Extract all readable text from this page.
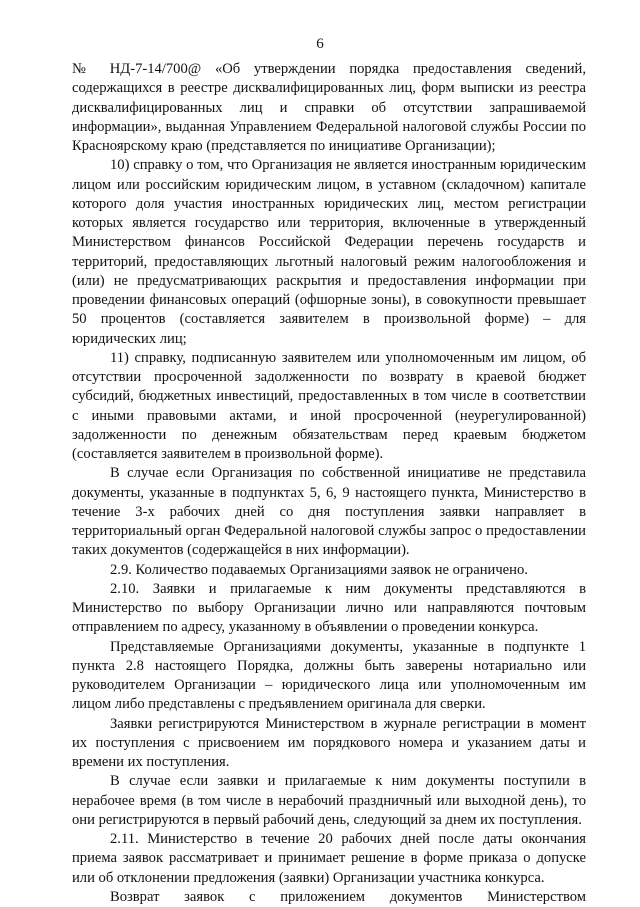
6

№ НД-7-14/700@ «Об утверждении порядка предоставления сведений, содержащихся в реестре дисквалифицированных лиц, форм выписки из реестра дисквалифицированных лиц и справки об отсутствии запрашиваемой информации», выданная Управлением Федеральной налоговой службы России по Красноярскому краю (представляется по инициативе Организации);

10) справку о том, что Организация не является иностранным юридическим лицом или российским юридическим лицом, в уставном (складочном) капитале которого доля участия иностранных юридических лиц, местом регистрации которых является государство или территория, включенные в утвержденный Министерством финансов Российской Федерации перечень государств и территорий, предоставляющих льготный налоговый режим налогообложения и (или) не предусматривающих раскрытия и предоставления информации при проведении финансовых операций (офшорные зоны), в совокупности превышает 50 процентов (составляется заявителем в произвольной форме) – для юридических лиц;

11) справку, подписанную заявителем или уполномоченным им лицом, об отсутствии просроченной задолженности по возврату в краевой бюджет субсидий, бюджетных инвестиций, предоставленных в том числе в соответствии с иными правовыми актами, и иной просроченной (неурегулированной) задолженности по денежным обязательствам перед краевым бюджетом (составляется заявителем в произвольной форме).

В случае если Организация по собственной инициативе не представила документы, указанные в подпунктах 5, 6, 9 настоящего пункта, Министерство в течение 3-х рабочих дней со дня поступления заявки направляет в территориальный орган Федеральной налоговой службы запрос о предоставлении таких документов (содержащейся в них информации).

2.9. Количество подаваемых Организациями заявок не ограничено.

2.10. Заявки и прилагаемые к ним документы представляются в Министерство по выбору Организации лично или направляются почтовым отправлением по адресу, указанному в объявлении о проведении конкурса.

Представляемые Организациями документы, указанные в подпункте 1 пункта 2.8 настоящего Порядка, должны быть заверены нотариально или руководителем Организации – юридического лица или уполномоченным им лицом либо представлены с предъявлением оригинала для сверки.

Заявки регистрируются Министерством в журнале регистрации в момент их поступления с присвоением им порядкового номера и указанием даты и времени их поступления.

В случае если заявки и прилагаемые к ним документы поступили в нерабочее время (в том числе в нерабочий праздничный или выходной день), то они регистрируются в первый рабочий день, следующий за днем их поступления.

2.11. Министерство в течение 20 рабочих дней после даты окончания приема заявок рассматривает и принимает решение в форме приказа о допуске или об отклонении предложения (заявки) Организации участника конкурса.

Возврат заявок с приложением документов Министерством
